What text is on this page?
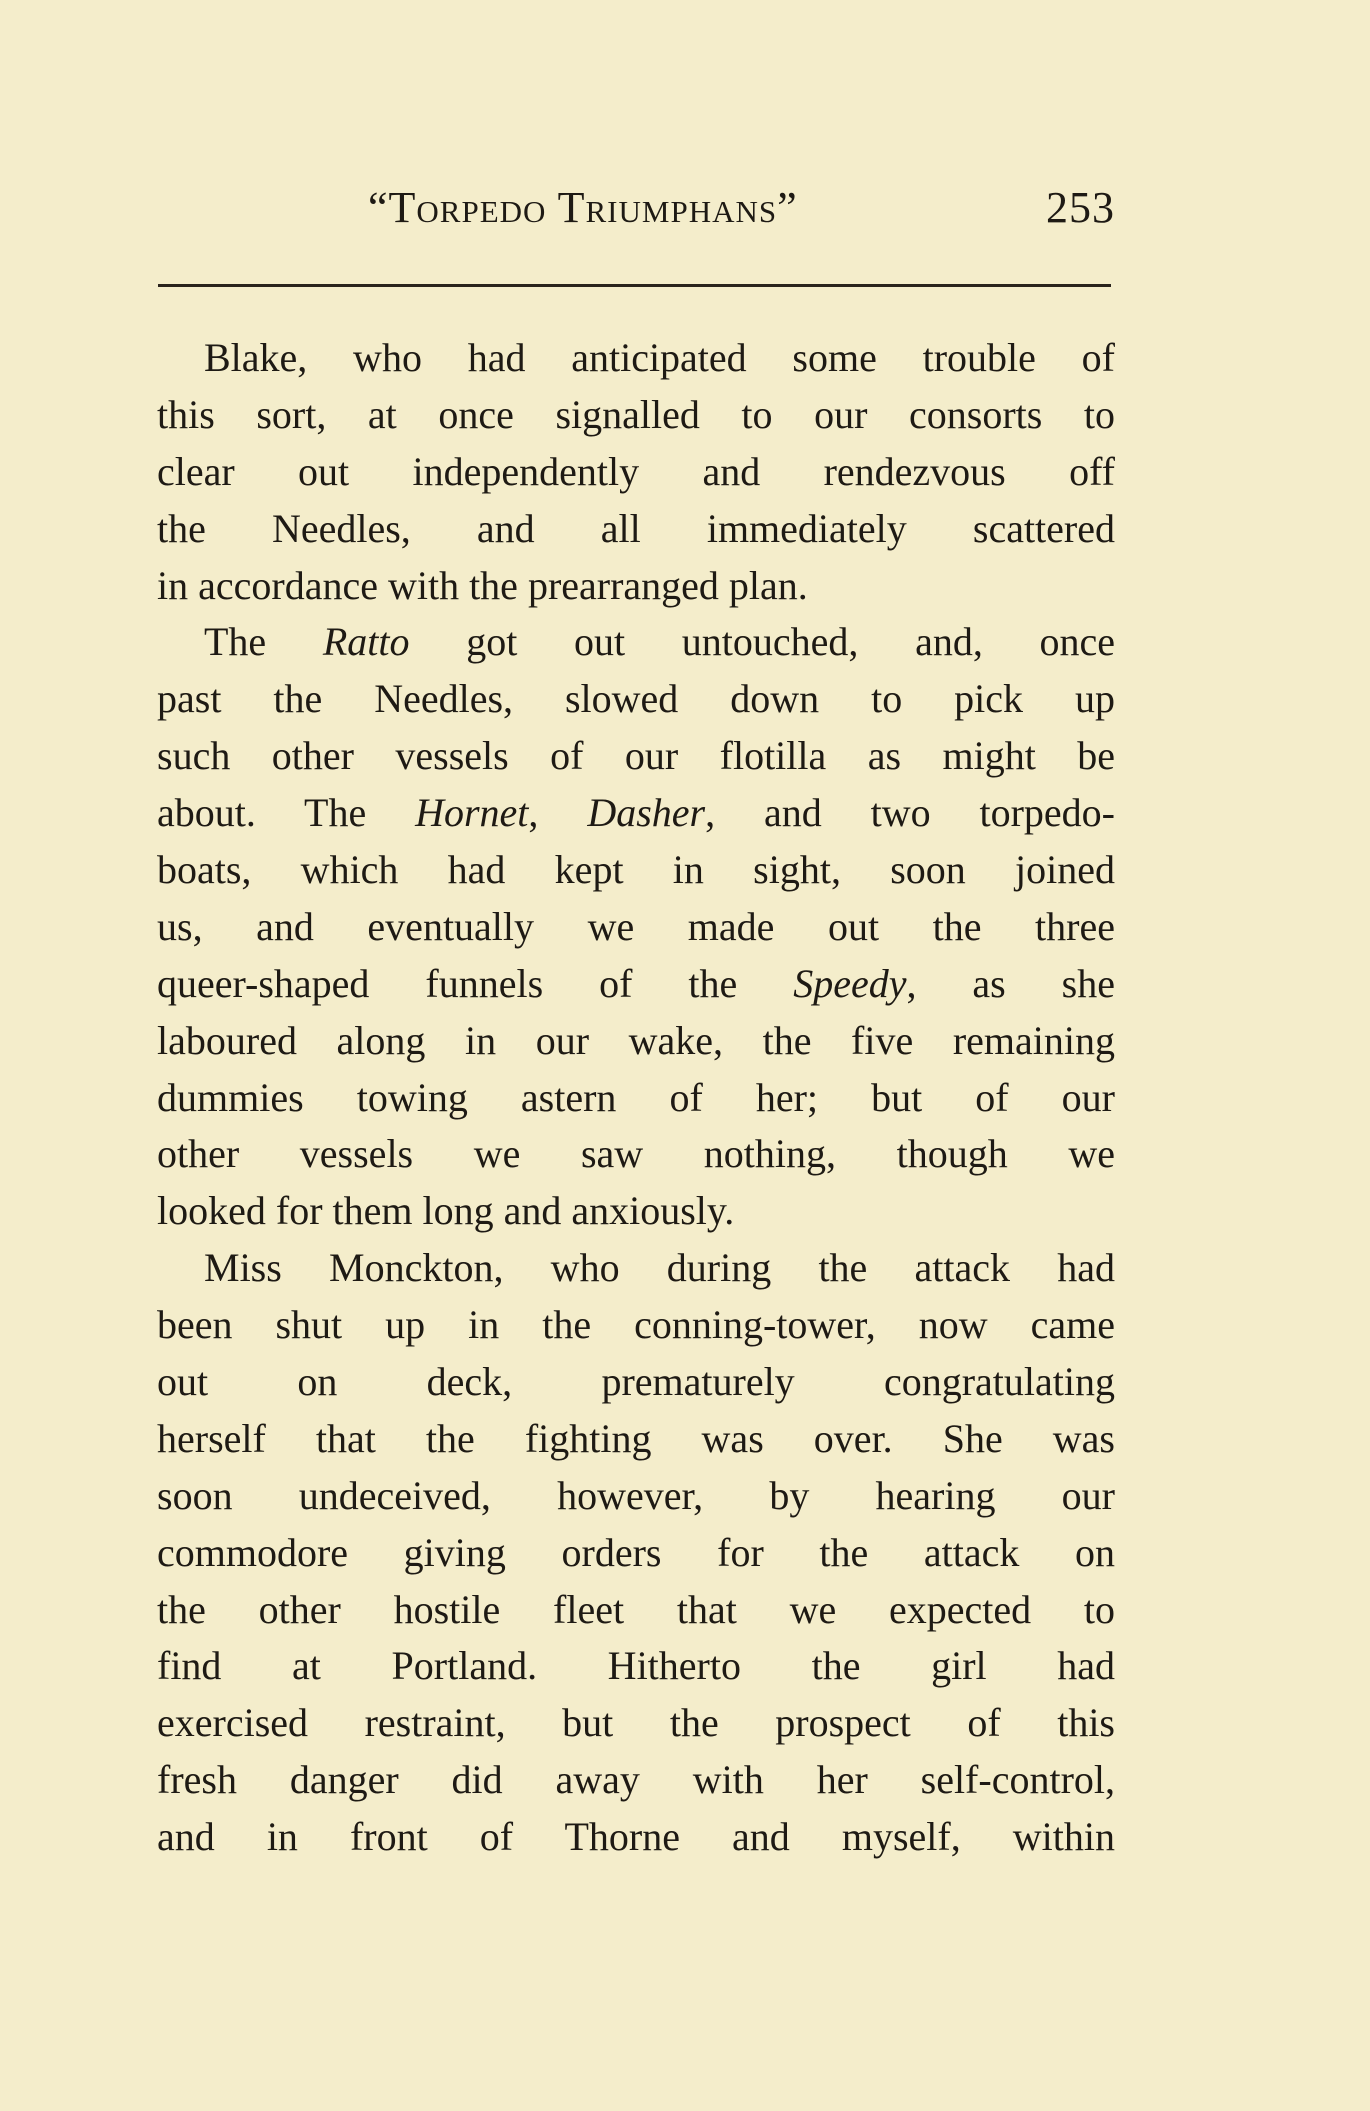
“Torpedo Triumphans”	253
Blake, who had anticipated some trouble of
this sort, at once signalled to our consorts to
clear out independently and rendezvous off
the Needles, and all immediately scattered
in accordance with the prearranged plan.
The Ratto got out untouched, and, once
past the Needles, slowed down to pick up
such other vessels of our flotilla as might be
about. The Hornet, Dasher, and two torpedo-
boats, which had kept in sight, soon joined
us, and eventually we made out the three
queer-shaped funnels of the Speedy, as she
laboured along in our wake, the five remaining
dummies towing astern of her; but of our
other vessels we saw nothing, though we
looked for them long and anxiously.
Miss Monckton, who during the attack had
been shut up in the conning-tower, now came
out on deck, prematurely congratulating
herself that the fighting was over. She was
soon undeceived, however, by hearing our
commodore giving orders for the attack on
the other hostile fleet that we expected to
find at Portland. Hitherto the girl had
exercised restraint, but the prospect of this
fresh danger did away with her self-control,
and in front of Thorne and myself, within
